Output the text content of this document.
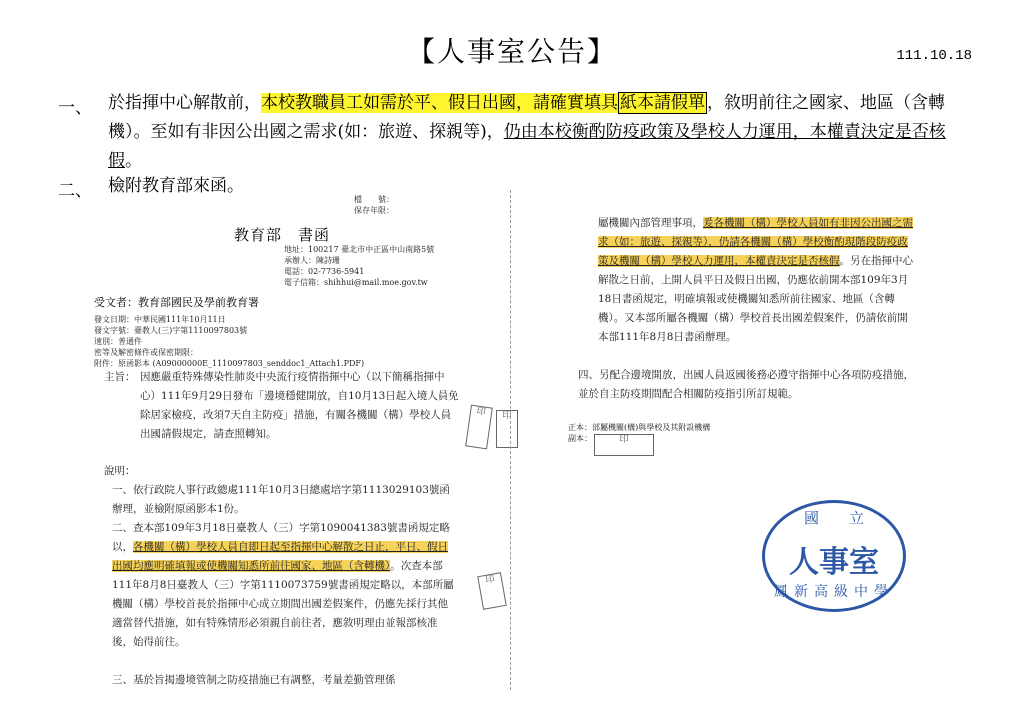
【人事室公告】	111.10.18
一、 於指揮中心解散前，本校教職員工如需於平、假日出國，請確實填具 紙本請假單 ，敘明前往之國家、地區（含轉機）。至如有非因公出國之需求(如：旅遊、探親等)，仍由本校衡酌防疫政策及學校人力運用，本權責決定是否核假。
二、 檢附教育部來函。
檔　　號：
保存年限：
教育部　書函
地址：100217 臺北市中正區中山南路5號
承辦人：陳詩珊
電話：02-7736-5941
電子信箱：shihhui@mail.moe.gov.tw
受文者：教育部國民及學前教育署
發文日期：中華民國111年10月11日
發文字號：臺教人(三)字第1110097803號
速別：普通件
密等及解密條件或保密期限：
附件：原函影本 (A09000000E_1110097803_senddoc1_Attach1.PDF)
主旨： 因應嚴重特殊傳染性肺炎中央流行疫情指揮中心（以下簡稱指揮中心）111年9月29日發布「邊境穩健開放，自10月13日起入境人員免除居家檢疫，改須7天自主防疫」措施，有關各機關（構）學校人員出國請假規定，請查照轉知。
說明：
一、依行政院人事行政總處111年10月3日總處培字第1113029103號函辦理，並檢附原函影本1份。
二、查本部109年3月18日臺教人（三）字第1090041383號書函規定略以，各機關（構）學校人員自即日起至指揮中心解散之日止，平日、假日出國均應明確填報或使機關知悉所前往國家、地區（含轉機）。次查本部111年8月8日臺教人（三）字第1110073759號書函規定略以，本部所屬機關（構）學校首長於指揮中心成立期間出國差假案件，仍應先採行其他適當替代措施，如有特殊情形必須親自前往者，應敘明理由並報部核准後，始得前往。
三、基於旨揭邊境管制之防疫措施已有調整，考量差勤管理係
印	印
印
屬機關內部管理事項，爰各機關（構）學校人員如有非因公出國之需求（如：旅遊、探親等），仍請各機關（構）學校衡酌現階段防疫政策及機關（構）學校人力運用，本權責決定是否核假。另在指揮中心解散之日前，上開人員平日及假日出國，仍應依前開本部109年3月18日書函規定，明確填報或使機關知悉所前往國家、地區（含轉機）。又本部所屬各機關（構）學校首長出國差假案件，仍請依前開本部111年8月8日書函辦理。
四、另配合邊境開放，出國人員返國後務必遵守指揮中心各項防疫措施，並於自主防疫期間配合相關防疫指引所訂規範。
正本：部屬機關(構)與學校及其附設機構
副本：	印
國立
人事室
鳳新高級中學
